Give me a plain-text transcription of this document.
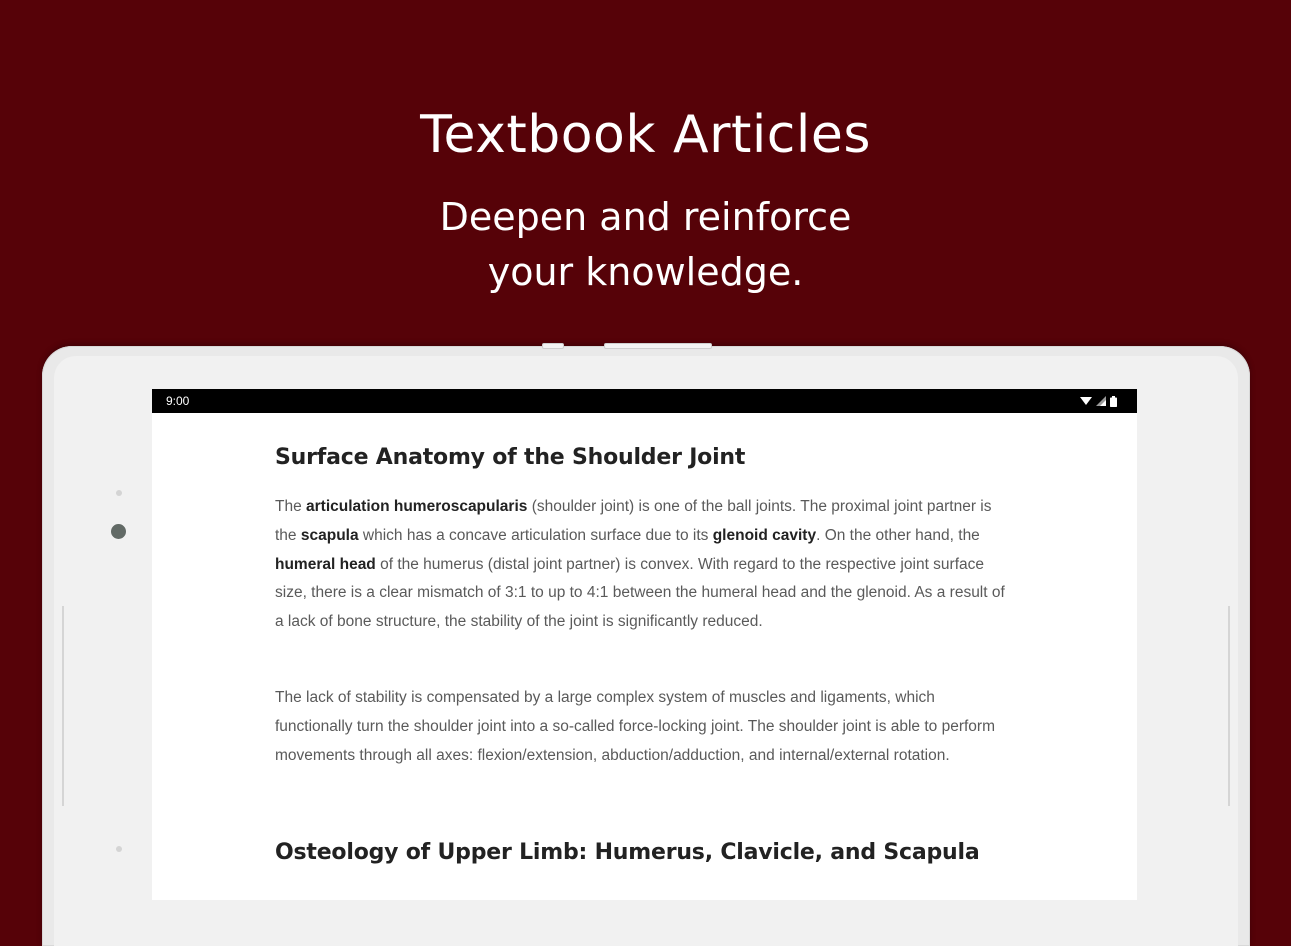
Textbook Articles

Deepen and reinforce

your knowledge.

9:00
Surface Anatomy of the Shoulder Joint

The articulation humeroscapularis (shoulder joint) is one of the ball joints. The proximal joint partner is the scapula which has a concave articulation surface due to its glenoid cavity. On the other hand, the humeral head of the humerus (distal joint partner) is convex. With regard to the respective joint surface size, there is a clear mismatch of 3:1 to up to 4:1 between the humeral head and the glenoid. As a result of a lack of bone structure, the stability of the joint is significantly reduced.

The lack of stability is compensated by a large complex system of muscles and ligaments, which functionally turn the shoulder joint into a so-called force-locking joint. The shoulder joint is able to perform movements through all axes: flexion/extension, abduction/adduction, and internal/external rotation.

Osteology of Upper Limb: Humerus, Clavicle, and Scapula
